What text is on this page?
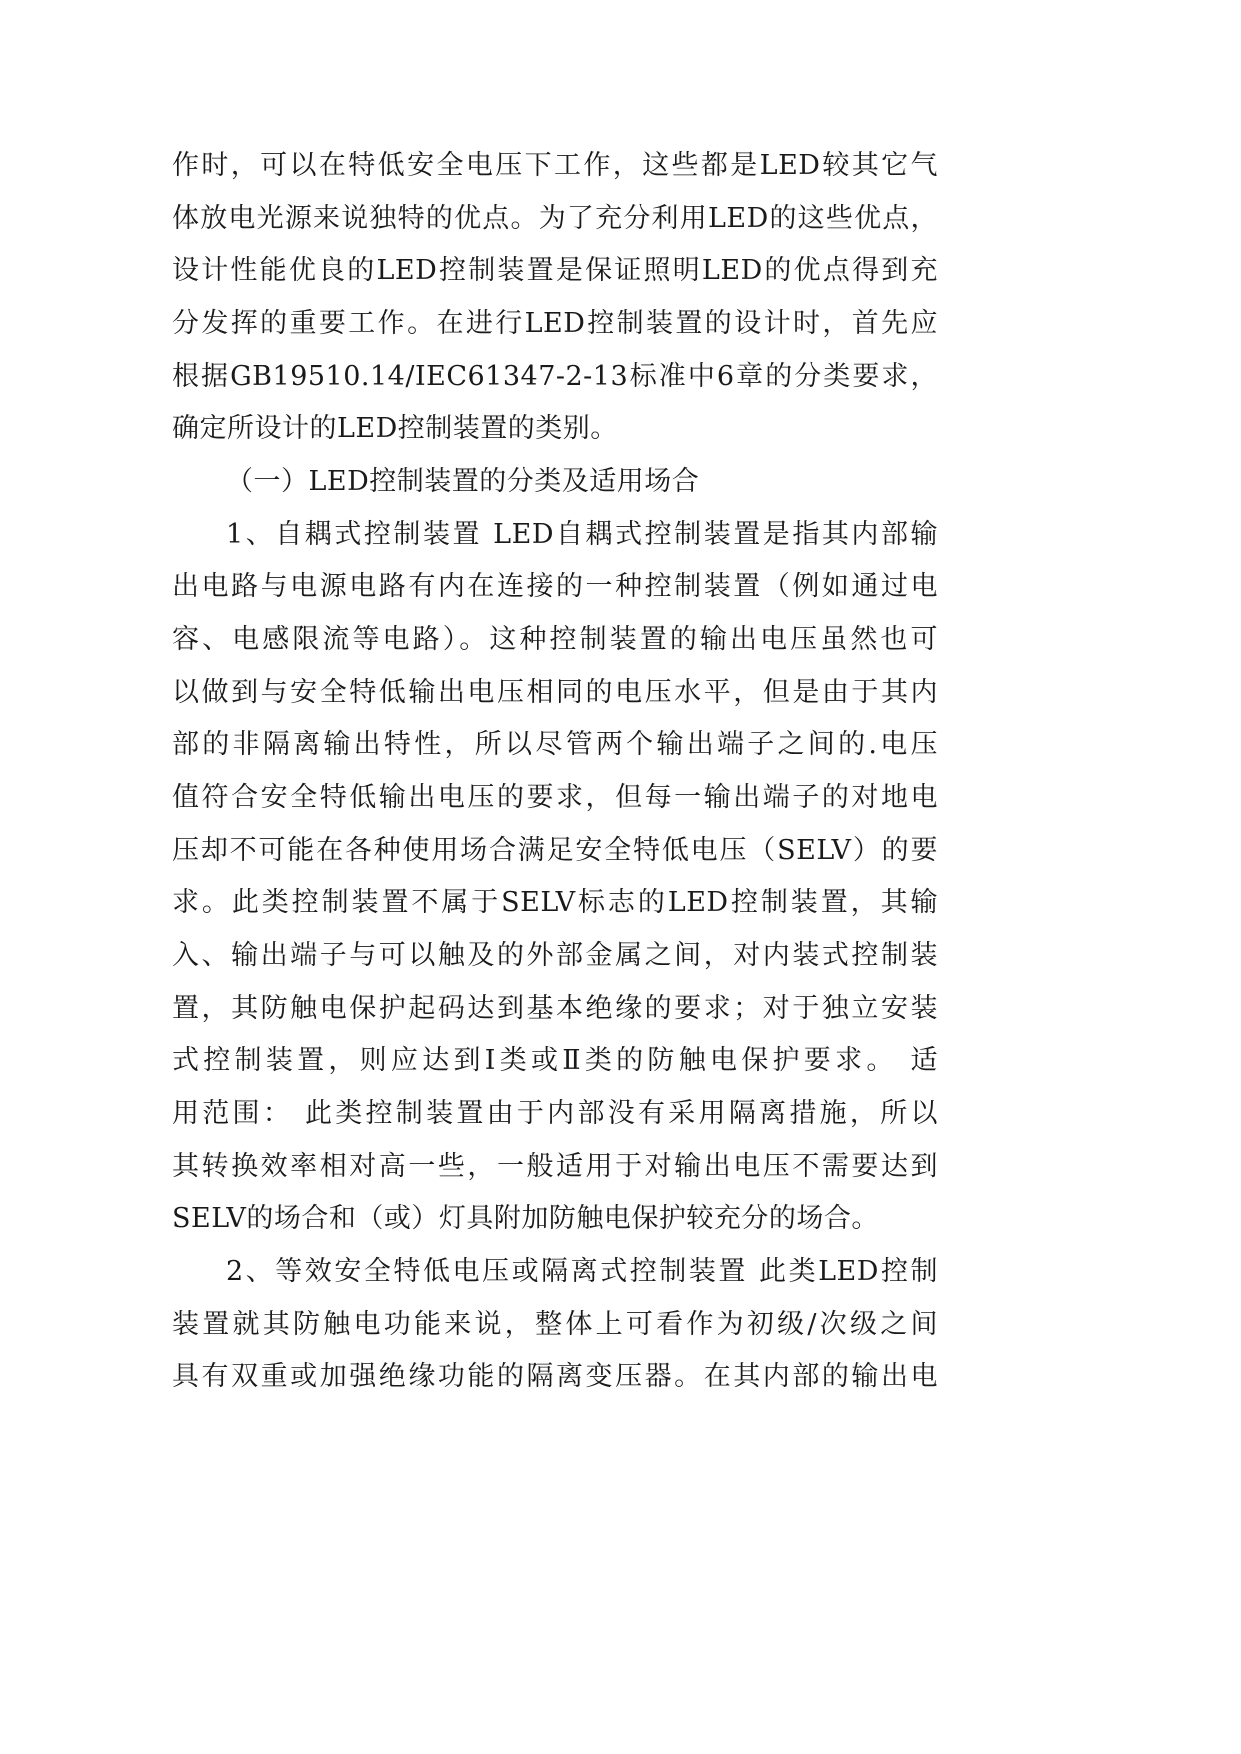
作时，可以在特低安全电压下工作，这些都是LED较其它气
体放电光源来说独特的优点。为了充分利用LED的这些优点，
设计性能优良的LED控制装置是保证照明LED的优点得到充
分发挥的重要工作。在进行LED控制装置的设计时，首先应
根据GB19510.14/IEC61347-2-13标准中6章的分类要求，
确定所设计的LED控制装置的类别。
（一）LED控制装置的分类及适用场合
1、自耦式控制装置 LED自耦式控制装置是指其内部输
出电路与电源电路有内在连接的一种控制装置（例如通过电
容、电感限流等电路）。这种控制装置的输出电压虽然也可
以做到与安全特低输出电压相同的电压水平，但是由于其内
部的非隔离输出特性，所以尽管两个输出端子之间的.电压
值符合安全特低输出电压的要求，但每一输出端子的对地电
压却不可能在各种使用场合满足安全特低电压（SELV）的要
求。此类控制装置不属于SELV标志的LED控制装置，其输
入、输出端子与可以触及的外部金属之间，对内装式控制装
置，其防触电保护起码达到基本绝缘的要求；对于独立安装
式控制装置，则应达到Ⅰ类或Ⅱ类的防触电保护要求。 适
用范围： 此类控制装置由于内部没有采用隔离措施，所以
其转换效率相对高一些，一般适用于对输出电压不需要达到
SELV的场合和（或）灯具附加防触电保护较充分的场合。
2、等效安全特低电压或隔离式控制装置 此类LED控制
装置就其防触电功能来说，整体上可看作为初级/次级之间
具有双重或加强绝缘功能的隔离变压器。在其内部的输出电
